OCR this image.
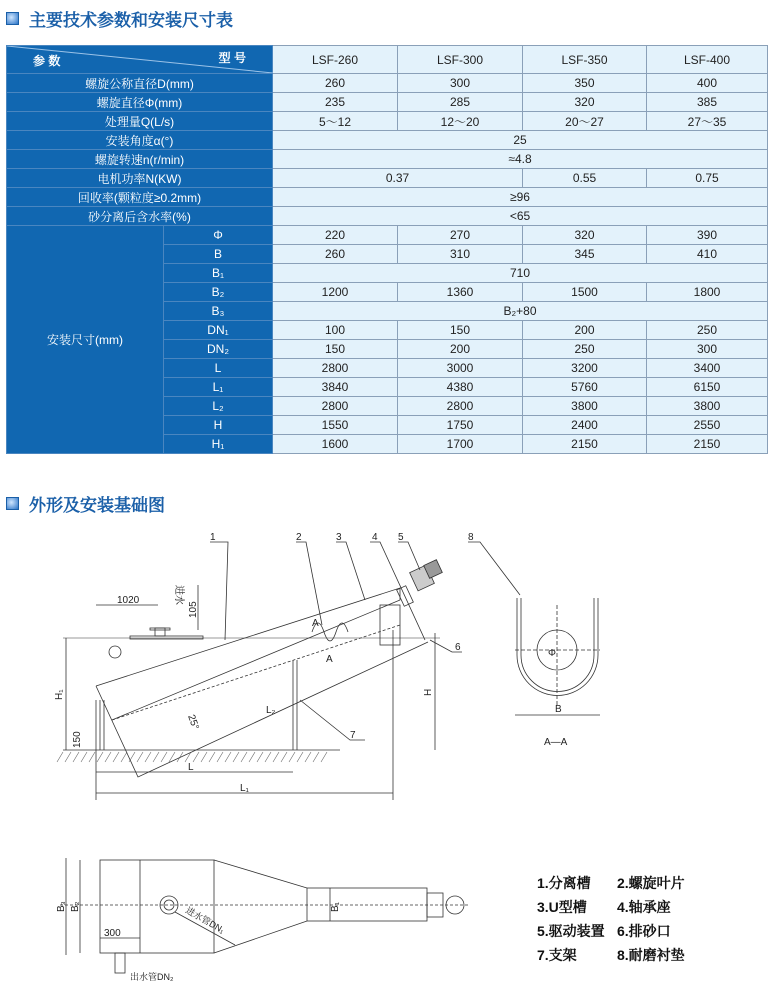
主要技术参数和安装尺寸表
参 数 型 号		LSF-260	LSF-300	LSF-350	LSF-400
螺旋公称直径D(mm)		260	300	350	400
螺旋直径Φ(mm)		235	285	320	385
处理量Q(L/s)		5～12	12～20	20～27	27～35
安装角度α(°)		25			
螺旋转速n(r/min)		≈4.8			
电机功率N(KW)		0.37		0.55	0.75
回收率(颗粒度≥0.2mm)		≥96			
砂分离后含水率(%)		<65			
安装尺寸(mm)	Φ	220	270	320	390
	B	260	310	345	410
	B₁	710			
	B₂	1200	1360	1500	1800
	B₃	B₂+80			
	DN₁	100	150	200	250
	DN₂	150	200	250	300
	L	2800	3000	3200	3400
	L₁	3840	4380	5760	6150
	L₂	2800	2800	3800	3800
	H	1550	1750	2400	2550
	H₁	1600	1700	2150	2150
外形及安装基础图
1	2	3	4 5
6
7
8
1020
105
进水
H₁
150
H
L
L₁
L₂
25°
A
A
A—A
B
Φ
B₃ B₂	B₁
300	进水管DN₁
出水管DN₂
1.分离槽	2.螺旋叶片
3.U型槽	4.轴承座
5.驱动装置 6.排砂口
7.支架	8.耐磨衬垫
